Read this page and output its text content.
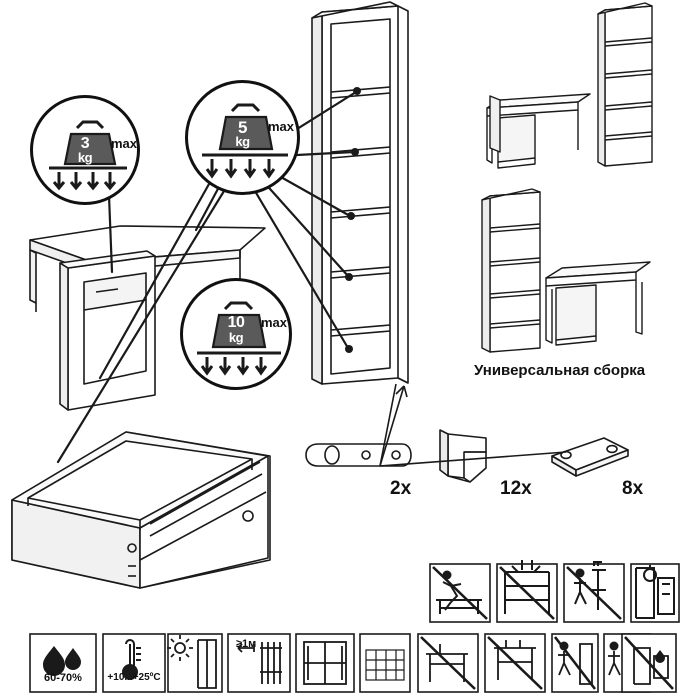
3
kg
max
5
kg
max
10
kg
max
Универсальная сборка
2x	12x	8x
60-70%	+10...+25ºC
≥1м
